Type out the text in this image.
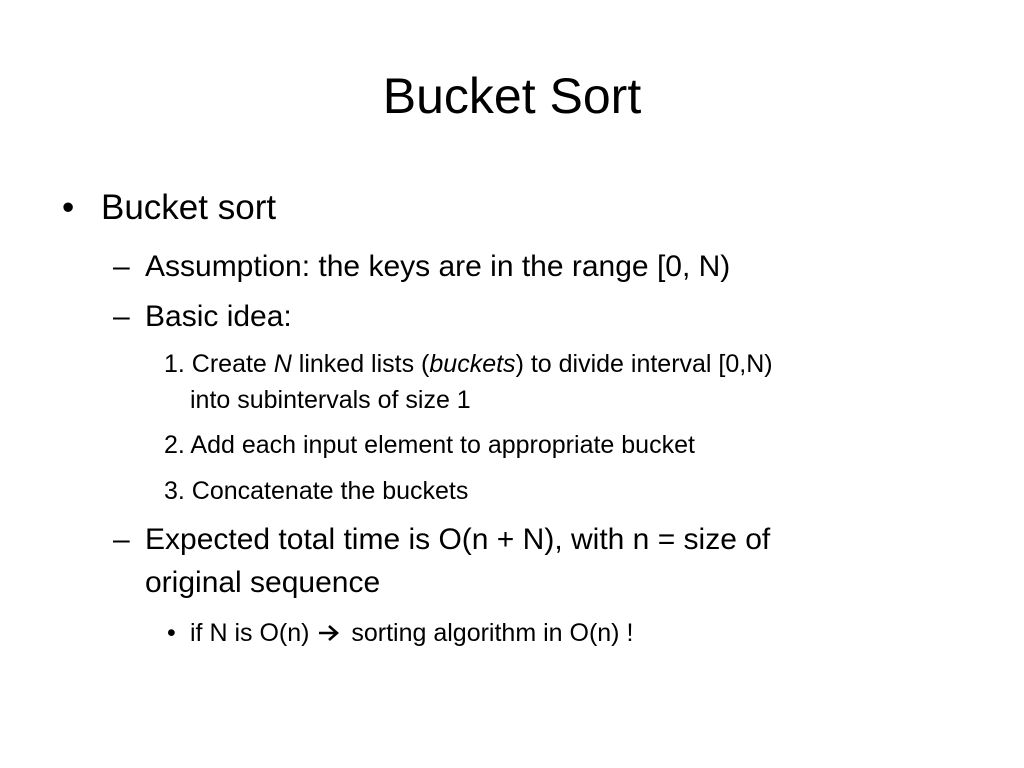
Bucket Sort
• Bucket sort
– Assumption: the keys are in the range [0, N)
– Basic idea:
1. Create N linked lists (buckets) to divide interval [0,N)
into subintervals of size 1
2. Add each input element to appropriate bucket
3. Concatenate the buckets
– Expected total time is O(n + N), with n = size of
original sequence
• if N is O(n) sorting algorithm in O(n) !
